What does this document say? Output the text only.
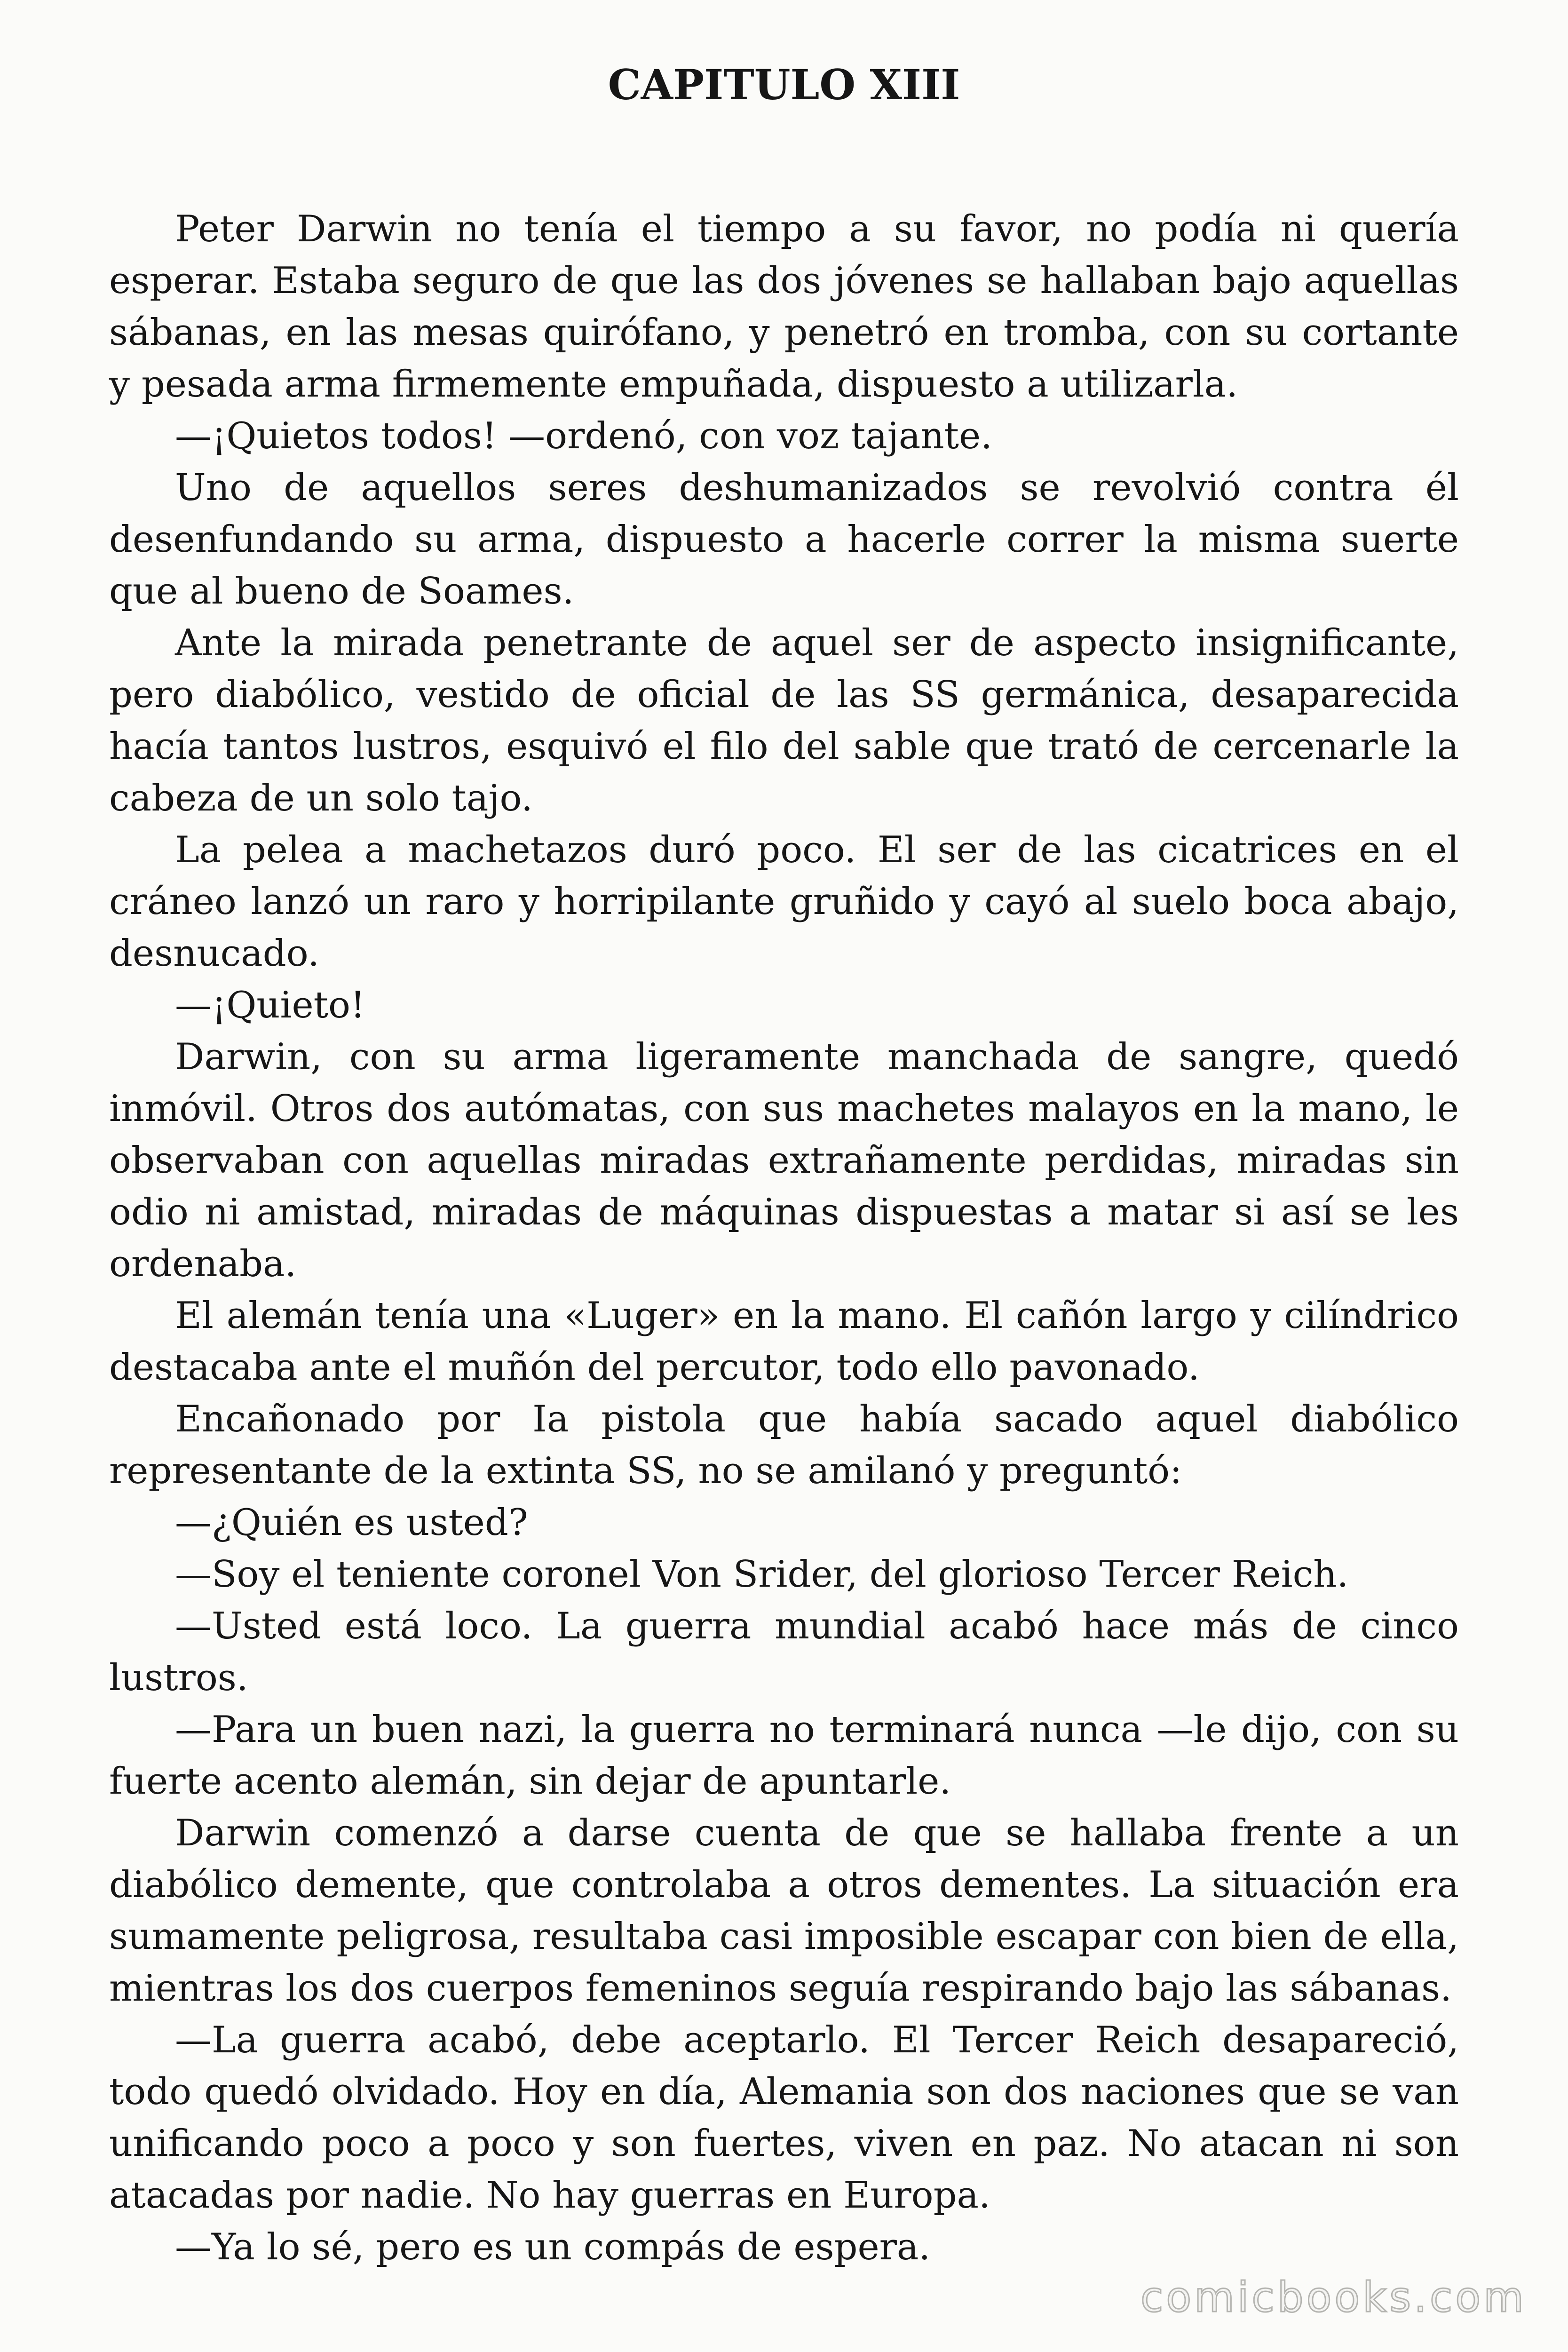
CAPITULO XIII

Peter Darwin no tenía el tiempo a su favor, no podía ni quería esperar. Estaba seguro de que las dos jóvenes se hallaban bajo aquellas sábanas, en las mesas quirófano, y penetró en tromba, con su cortante y pesada arma firmemente empuñada, dispuesto a utilizarla.

—¡Quietos todos! —ordenó, con voz tajante.

Uno de aquellos seres deshumanizados se revolvió contra él desenfundando su arma, dispuesto a hacerle correr la misma suerte que al bueno de Soames.

Ante la mirada penetrante de aquel ser de aspecto insignificante, pero diabólico, vestido de oficial de las SS germánica, desaparecida hacía tantos lustros, esquivó el filo del sable que trató de cercenarle la cabeza de un solo tajo.

La pelea a machetazos duró poco. El ser de las cicatrices en el cráneo lanzó un raro y horripilante gruñido y cayó al suelo boca abajo, desnucado.

—¡Quieto!

Darwin, con su arma ligeramente manchada de sangre, quedó inmóvil. Otros dos autómatas, con sus machetes malayos en la mano, le observaban con aquellas miradas extrañamente perdidas, miradas sin odio ni amistad, miradas de máquinas dispuestas a matar si así se les ordenaba.

El alemán tenía una «Luger» en la mano. El cañón largo y cilíndrico destacaba ante el muñón del percutor, todo ello pavonado.

Encañonado por Ia pistola que había sacado aquel diabólico representante de la extinta SS, no se amilanó y preguntó:

—¿Quién es usted?

—Soy el teniente coronel Von Srider, del glorioso Tercer Reich.

—Usted está loco. La guerra mundial acabó hace más de cinco lustros.

—Para un buen nazi, la guerra no terminará nunca —le dijo, con su fuerte acento alemán, sin dejar de apuntarle.

Darwin comenzó a darse cuenta de que se hallaba frente a un diabólico demente, que controlaba a otros dementes. La situación era sumamente peligrosa, resultaba casi imposible escapar con bien de ella, mientras los dos cuerpos femeninos seguía respirando bajo las sábanas.

—La guerra acabó, debe aceptarlo. El Tercer Reich desapareció, todo quedó olvidado. Hoy en día, Alemania son dos naciones que se van unificando poco a poco y son fuertes, viven en paz. No atacan ni son atacadas por nadie. No hay guerras en Europa.

—Ya lo sé, pero es un compás de espera.

comicbooks.com
